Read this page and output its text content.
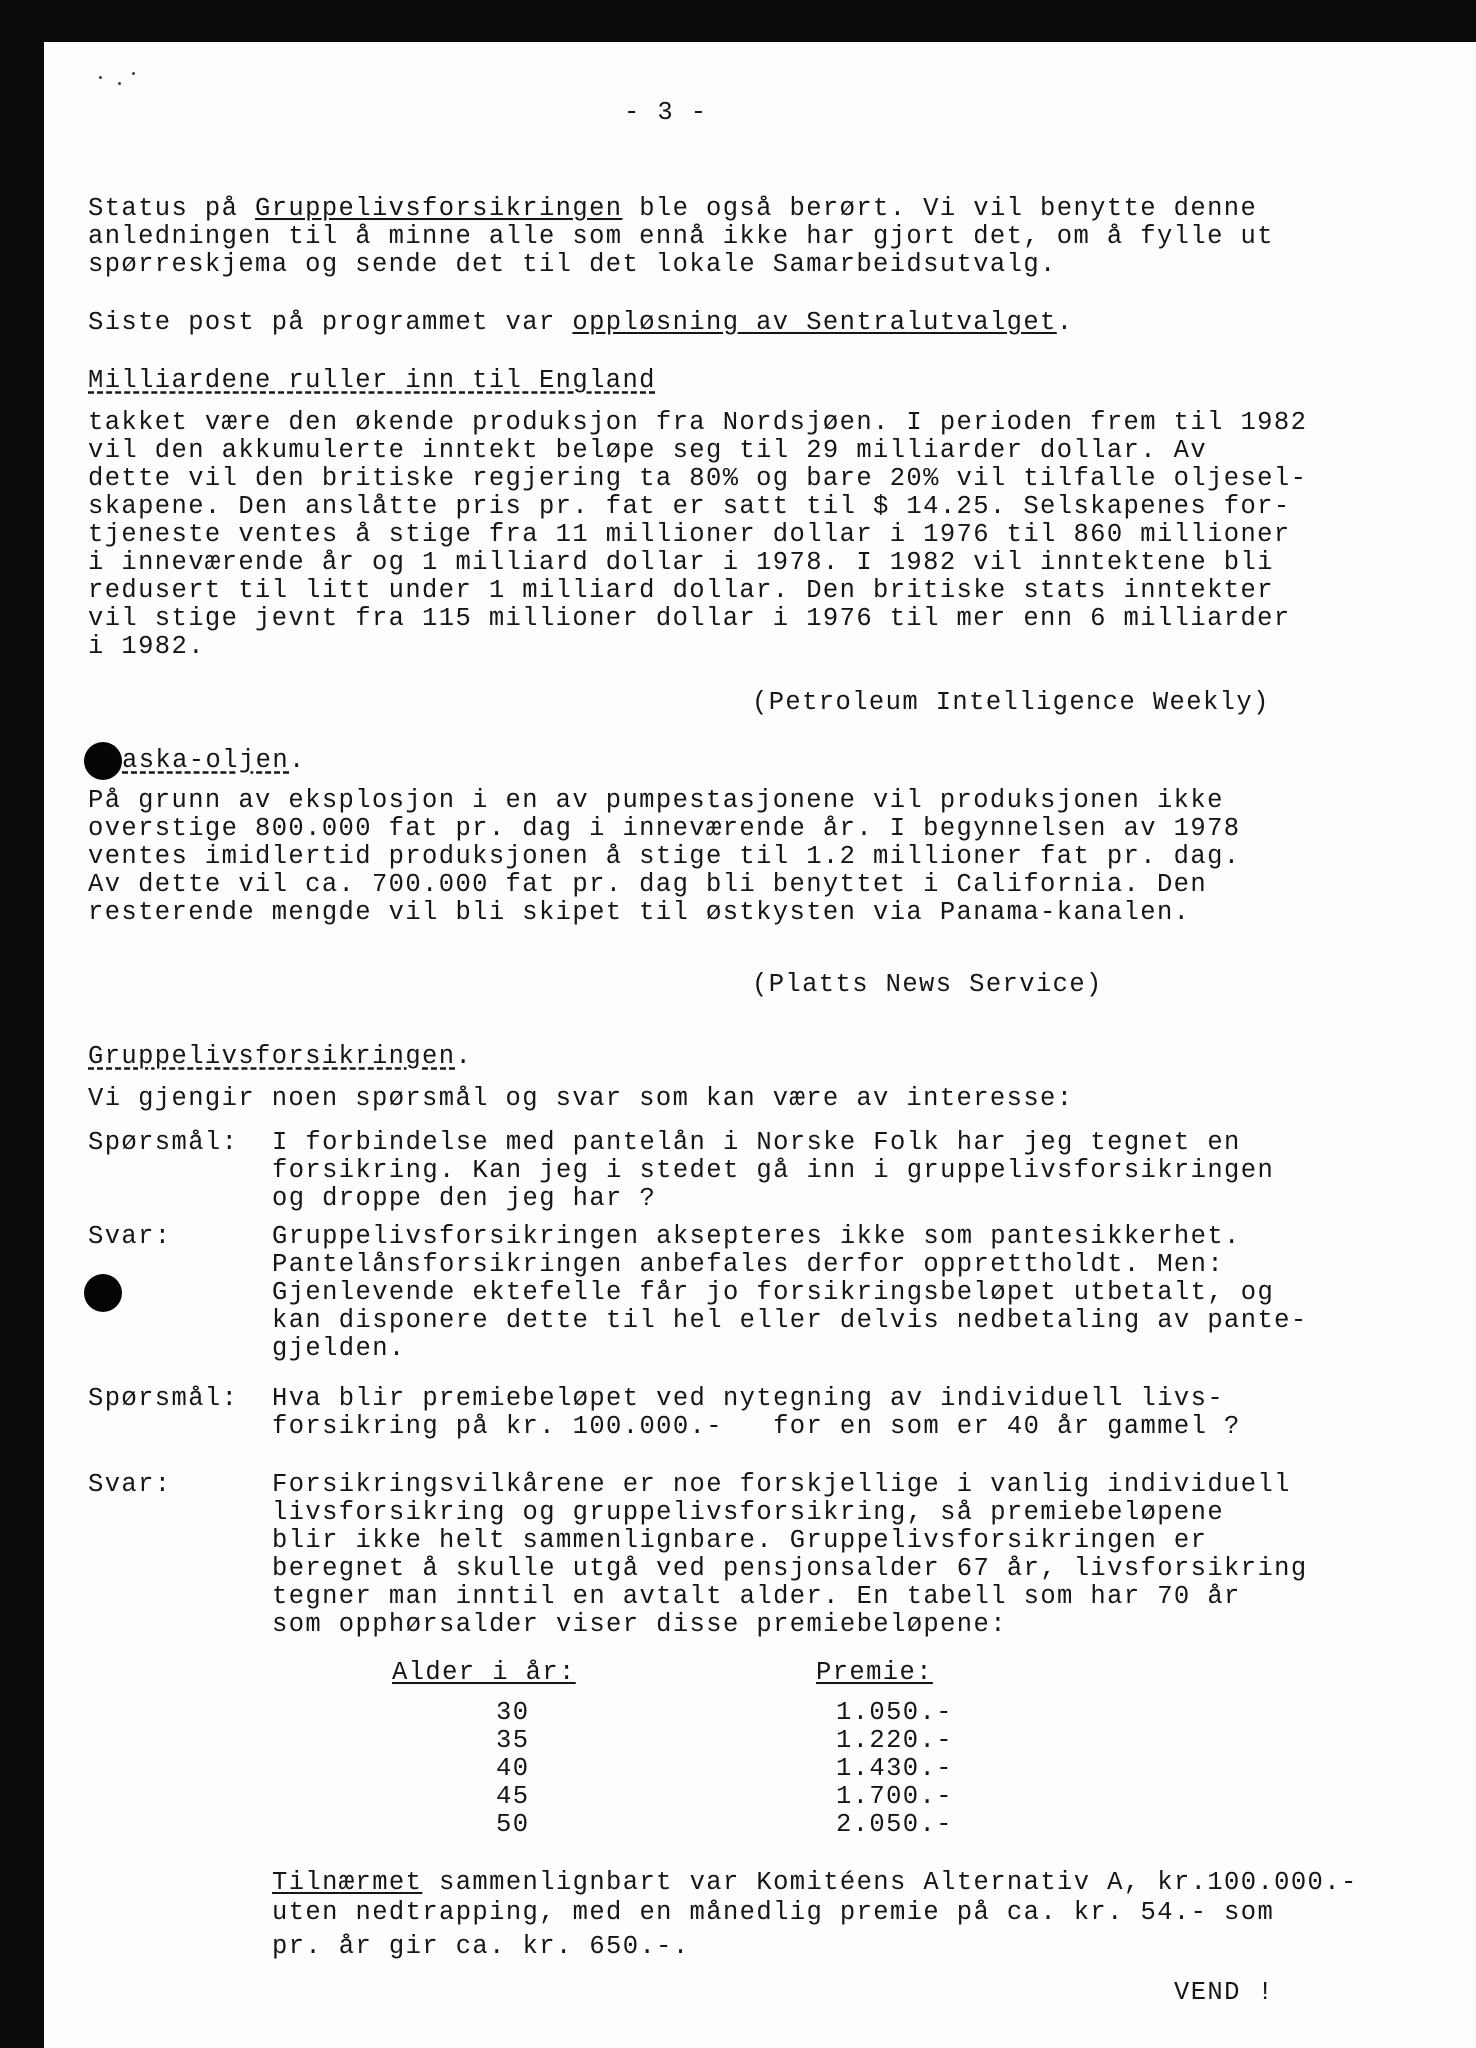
- 3 -
Status på Gruppelivsforsikringen ble også berørt. Vi vil benytte denne
anledningen til å minne alle som ennå ikke har gjort det, om å fylle ut
spørreskjema og sende det til det lokale Samarbeidsutvalg.
Siste post på programmet var oppløsning av Sentralutvalget.
Milliardene ruller inn til England
takket være den økende produksjon fra Nordsjøen. I perioden frem til 1982
vil den akkumulerte inntekt beløpe seg til 29 milliarder dollar. Av
dette vil den britiske regjering ta 80% og bare 20% vil tilfalle oljesel-
skapene. Den anslåtte pris pr. fat er satt til $ 14.25. Selskapenes for-
tjeneste ventes å stige fra 11 millioner dollar i 1976 til 860 millioner
i inneværende år og 1 milliard dollar i 1978. I 1982 vil inntektene bli
redusert til litt under 1 milliard dollar. Den britiske stats inntekter
vil stige jevnt fra 115 millioner dollar i 1976 til mer enn 6 milliarder
i 1982.
(Petroleum Intelligence Weekly)
aska-oljen.
På grunn av eksplosjon i en av pumpestasjonene vil produksjonen ikke
overstige 800.000 fat pr. dag i inneværende år. I begynnelsen av 1978
ventes imidlertid produksjonen å stige til 1.2 millioner fat pr. dag.
Av dette vil ca. 700.000 fat pr. dag bli benyttet i California. Den
resterende mengde vil bli skipet til østkysten via Panama-kanalen.
(Platts News Service)
Gruppelivsforsikringen.
Vi gjengir noen spørsmål og svar som kan være av interesse:
Spørsmål: I forbindelse med pantelån i Norske Folk har jeg tegnet en
forsikring. Kan jeg i stedet gå inn i gruppelivsforsikringen
og droppe den jeg har ?
Svar:	Gruppelivsforsikringen aksepteres ikke som pantesikkerhet.
Pantelånsforsikringen anbefales derfor opprettholdt. Men:
Gjenlevende ektefelle får jo forsikringsbeløpet utbetalt, og
kan disponere dette til hel eller delvis nedbetaling av pante-
gjelden.
Spørsmål: Hva blir premiebeløpet ved nytegning av individuell livs-
forsikring på kr. 100.000.-   for en som er 40 år gammel ?
Svar:	Forsikringsvilkårene er noe forskjellige i vanlig individuell
livsforsikring og gruppelivsforsikring, så premiebeløpene
blir ikke helt sammenlignbare. Gruppelivsforsikringen er
beregnet å skulle utgå ved pensjonsalder 67 år, livsforsikring
tegner man inntil en avtalt alder. En tabell som har 70 år
som opphørsalder viser disse premiebeløpene:
Alder i år:	Premie:
30	1.050.-
35	1.220.-
40	1.430.-
45	1.700.-
50	2.050.-
Tilnærmet sammenlignbart var Komitéens Alternativ A, kr.100.000.-
uten nedtrapping, med en månedlig premie på ca. kr. 54.- som
pr. år gir ca. kr. 650.-.
VEND !
